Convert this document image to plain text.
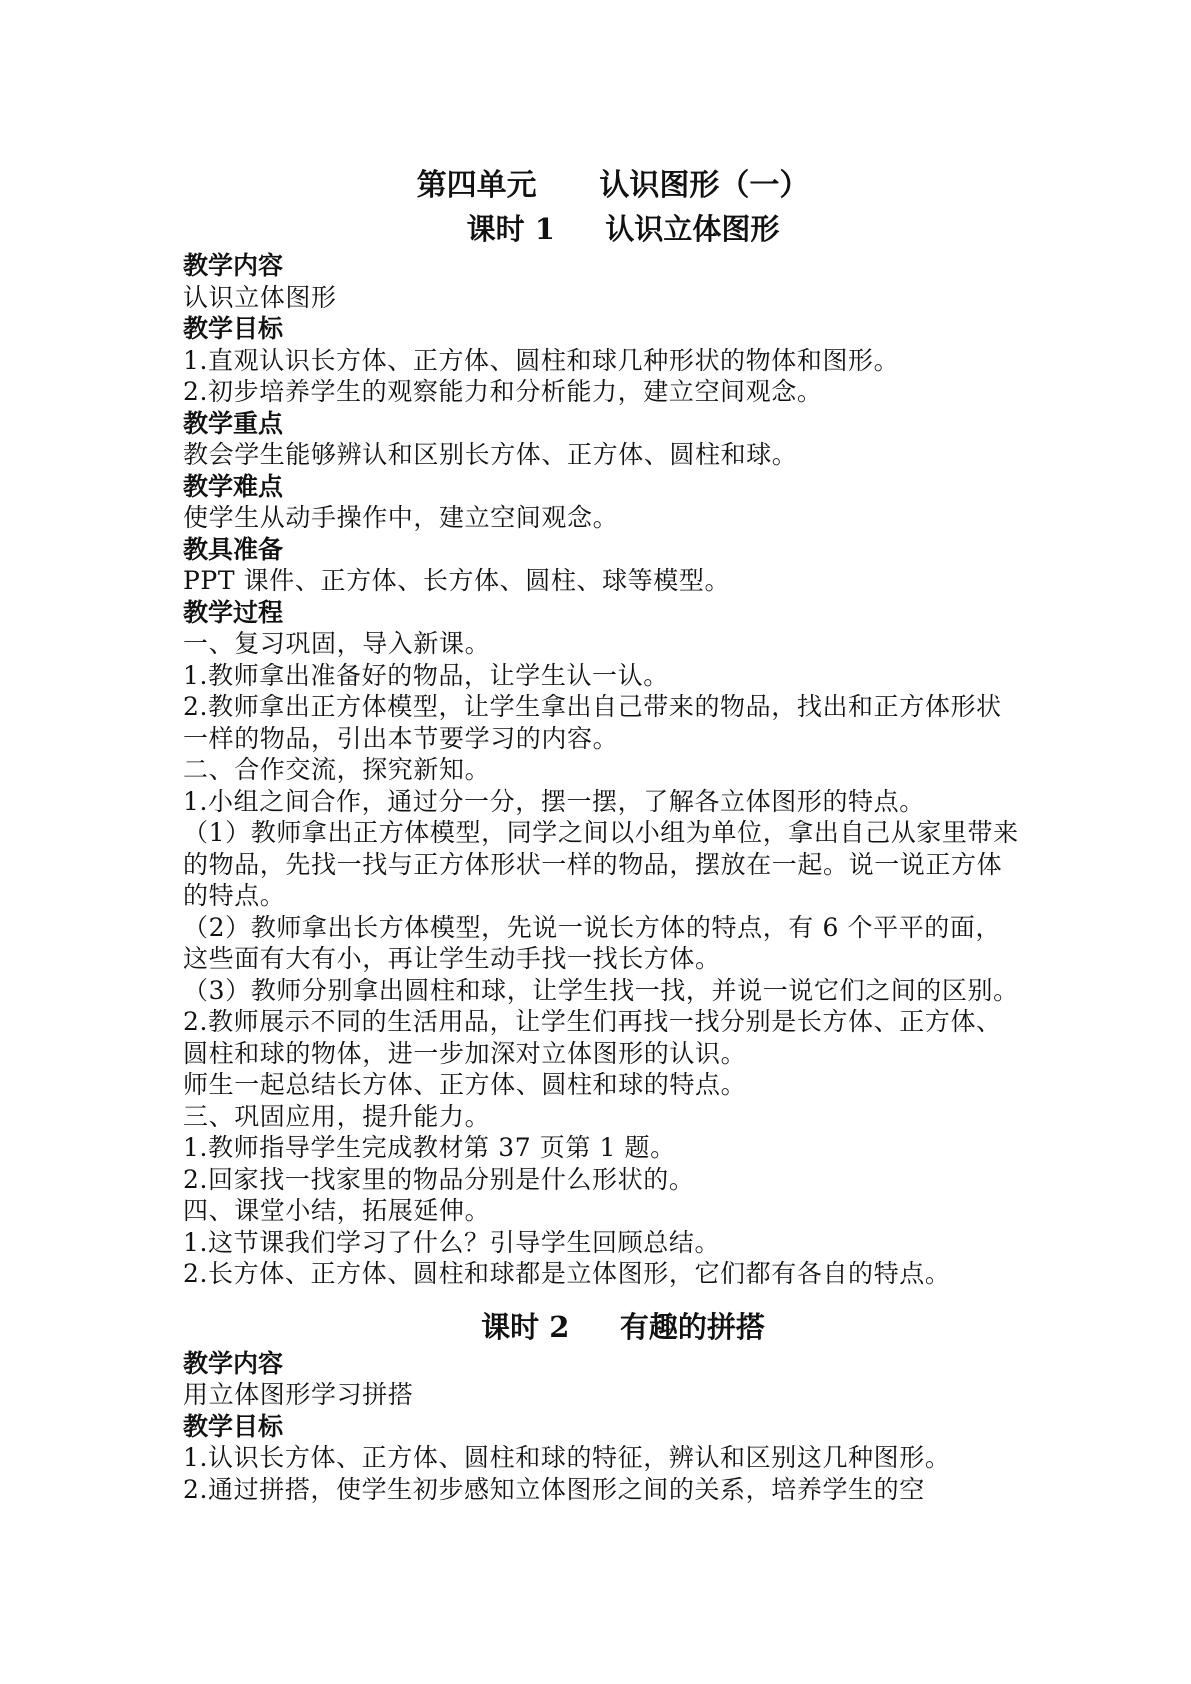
第四单元      认识图形（一）
课时 1     认识立体图形
教学内容
认识立体图形
教学目标
1.直观认识长方体、正方体、圆柱和球几种形状的物体和图形。
2.初步培养学生的观察能力和分析能力，建立空间观念。
教学重点
教会学生能够辨认和区别长方体、正方体、圆柱和球。
教学难点
使学生从动手操作中，建立空间观念。
教具准备
PPT 课件、正方体、长方体、圆柱、球等模型。
教学过程
一、复习巩固，导入新课。
1.教师拿出准备好的物品，让学生认一认。
2.教师拿出正方体模型，让学生拿出自己带来的物品，找出和正方体形状一样的物品，引出本节要学习的内容。
二、合作交流，探究新知。
1.小组之间合作，通过分一分，摆一摆，了解各立体图形的特点。
（1）教师拿出正方体模型，同学之间以小组为单位，拿出自己从家里带来的物品，先找一找与正方体形状一样的物品，摆放在一起。说一说正方体的特点。
（2）教师拿出长方体模型，先说一说长方体的特点，有 6 个平平的面，这些面有大有小，再让学生动手找一找长方体。
（3）教师分别拿出圆柱和球，让学生找一找，并说一说它们之间的区别。
2.教师展示不同的生活用品，让学生们再找一找分别是长方体、正方体、圆柱和球的物体，进一步加深对立体图形的认识。
师生一起总结长方体、正方体、圆柱和球的特点。
三、巩固应用，提升能力。
1.教师指导学生完成教材第 37 页第 1 题。
2.回家找一找家里的物品分别是什么形状的。
四、课堂小结，拓展延伸。
1.这节课我们学习了什么？引导学生回顾总结。
2.长方体、正方体、圆柱和球都是立体图形，它们都有各自的特点。
课时 2     有趣的拼搭
教学内容
用立体图形学习拼搭
教学目标
1.认识长方体、正方体、圆柱和球的特征，辨认和区别这几种图形。
2.通过拼搭，使学生初步感知立体图形之间的关系，培养学生的空
